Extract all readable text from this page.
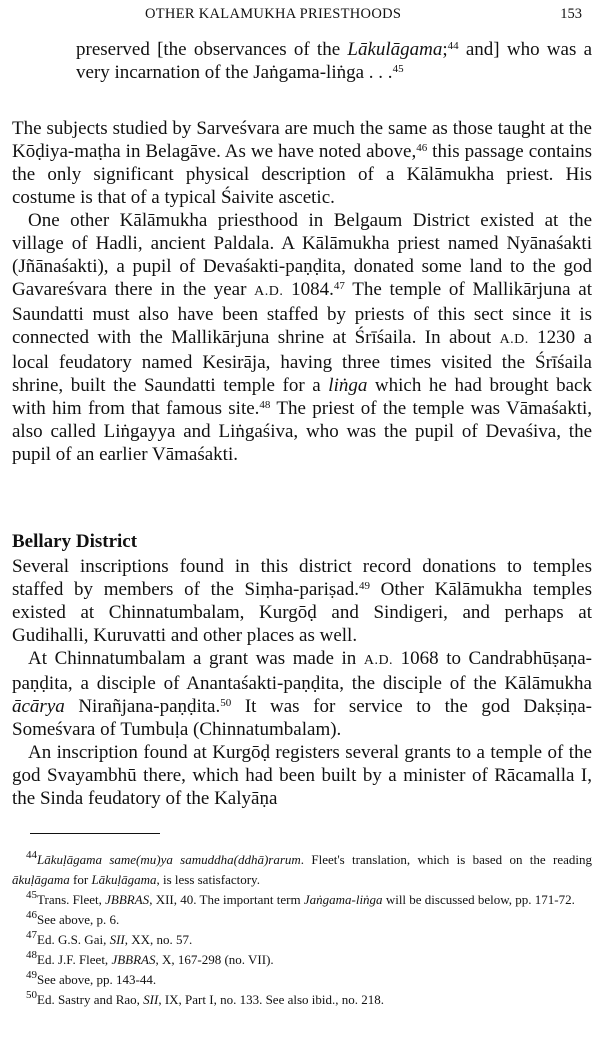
OTHER KALAMUKHA PRIESTHOODS	153

preserved [the observances of the Lākulāgama;$^{44}$ and] who was a very incarnation of the Jaṅgama-liṅga . . .$^{45}$

The subjects studied by Sarveśvara are much the same as those taught at the Kōḍiya-maṭha in Belagāve. As we have noted above,$^{46}$ this passage contains the only significant physical description of a Kālāmukha priest. His costume is that of a typical Śaivite ascetic.

One other Kālāmukha priesthood in Belgaum District existed at the village of Hadli, ancient Paldala. A Kālāmukha priest named Nyānaśakti (Jñānaśakti), a pupil of Devaśakti-paṇḍita, donated some land to the god Gavareśvara there in the year A.D. 1084.47 The temple of Mallikārjuna at Saundatti must also have been staffed by priests of this sect since it is connected with the Mallikārjuna shrine at Śrīśaila. In about A.D. 1230 a local feudatory named Kesirāja, having three times visited the Śrīśaila shrine, built the Saundatti temple for a liṅga which he had brought back with him from that famous site.$^{48}$ The priest of the temple was Vāmaśakti, also called Liṅgayya and Liṅgaśiva, who was the pupil of Devaśiva, the pupil of an earlier Vāmaśakti.

Bellary District

Several inscriptions found in this district record donations to temples staffed by members of the Siṃha-pariṣad.$^{49}$ Other Kālāmukha temples existed at Chinnatumbalam, Kurgōḍ and Sindigeri, and perhaps at Gudihalli, Kuruvatti and other places as well.

At Chinnatumbalam a grant was made in A.D. 1068 to Candrabhūṣaṇa-paṇḍita, a disciple of Anantaśakti-paṇḍita, the disciple of the Kālāmukha ācārya Nirañjana-paṇḍita.$^{50}$ It was for service to the god Dakṣiṇa-Someśvara of Tumbuḷa (Chinnatumbalam).

An inscription found at Kurgōḍ registers several grants to a temple of the god Svayambhū there, which had been built by a minister of Rācamalla I, the Sinda feudatory of the Kalyāṇa

$^{44}$Lākuḷāgama same(mu)ya samuddha(ddhā)rarum. Fleet's translation, which is based on the reading ākuḷāgama for Lākuḷāgama, is less satisfactory.

$^{45}$Trans. Fleet, JBBRAS, XII, 40. The important term Jaṅgama-liṅga will be discussed below, pp. 171-72.

$^{46}$See above, p. 6.

$^{47}$Ed. G.S. Gai, SII, XX, no. 57.

$^{48}$Ed. J.F. Fleet, JBBRAS, X, 167-298 (no. VII).

$^{49}$See above, pp. 143-44.

$^{50}$Ed. Sastry and Rao, SII, IX, Part I, no. 133. See also ibid., no. 218.
